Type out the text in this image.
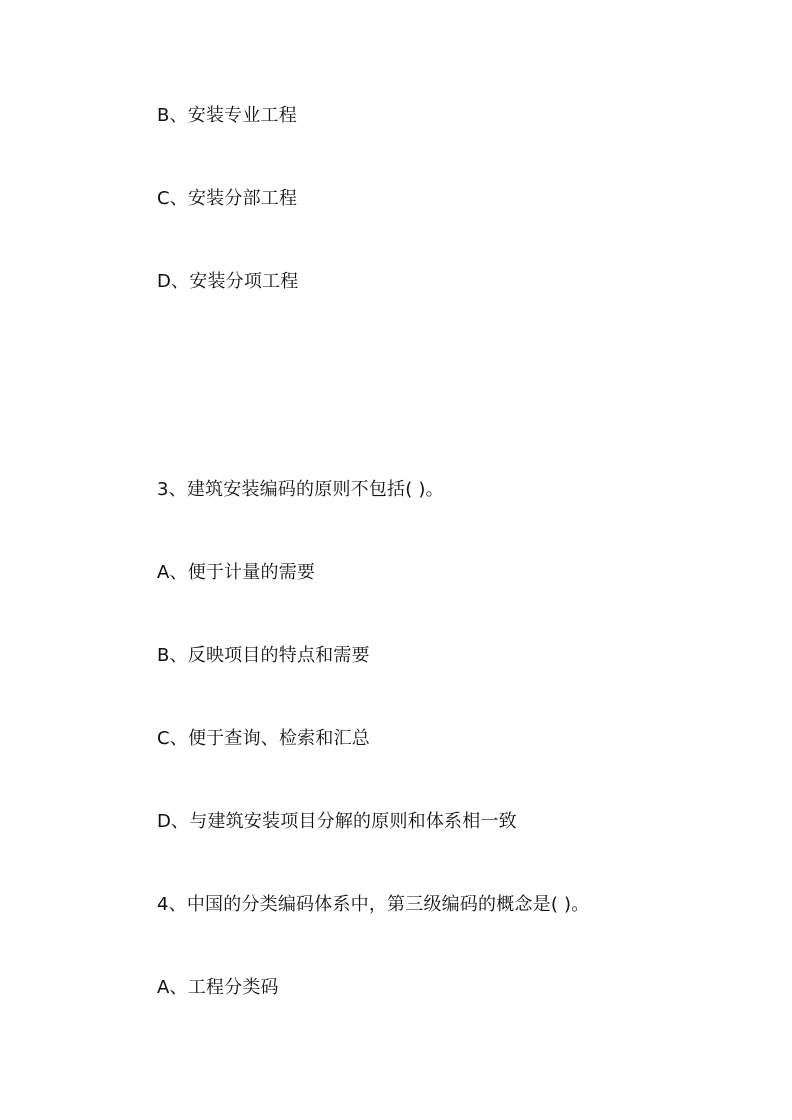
B、安装专业工程
C、安装分部工程
D、安装分项工程
3、建筑安装编码的原则不包括( )。
A、便于计量的需要
B、反映项目的特点和需要
C、便于查询、检索和汇总
D、与建筑安装项目分解的原则和体系相一致
4、中国的分类编码体系中，第三级编码的概念是( )。
A、工程分类码
